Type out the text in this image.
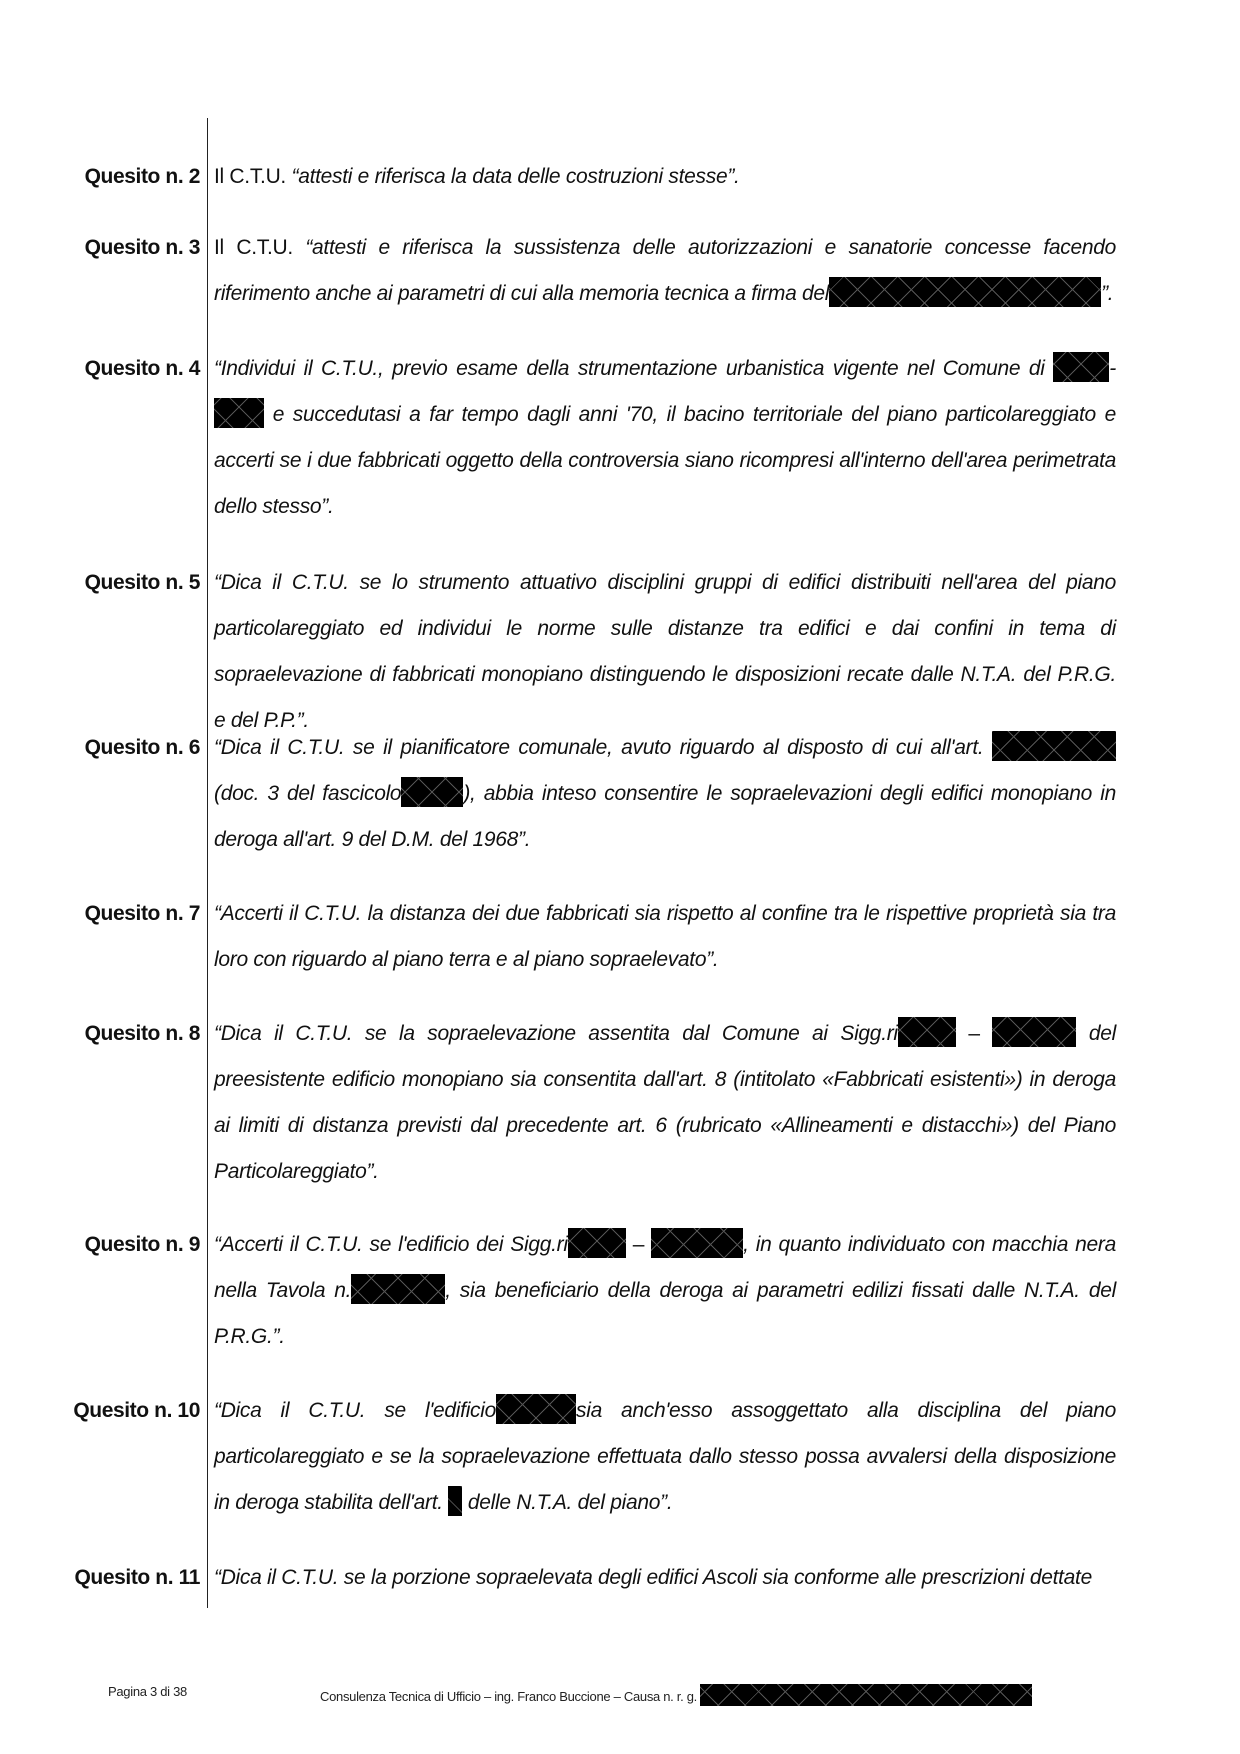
Quesito n. 2 Il C.T.U. “attesti e riferisca la data delle costruzioni stesse”.
Quesito n. 3 Il C.T.U. “attesti e riferisca la sussistenza delle autorizzazioni e sanatorie concesse facendo riferimento anche ai parametri di cui alla memoria tecnica a firma del	”.
Quesito n. 4 “Individui il C.T.U., previo esame della strumentazione urbanistica vigente nel Comune di	-  e succedutasi a far tempo dagli anni '70, il bacino territoriale del piano particolareggiato e accerti se i due fabbricati oggetto della controversia siano ricompresi all'interno dell'area perimetrata dello stesso”.
Quesito n. 5 “Dica il C.T.U. se lo strumento attuativo disciplini gruppi di edifici distribuiti nell'area del piano particolareggiato ed individui le norme sulle distanze tra edifici e dai confini in tema di sopraelevazione di fabbricati monopiano distinguendo le disposizioni recate dalle N.T.A. del P.R.G. e del P.P.”.
Quesito n. 6 “Dica il C.T.U. se il pianificatore comunale, avuto riguardo al disposto di cui all'art.  (doc. 3 del fascicolo	), abbia inteso consentire le sopraelevazioni degli edifici monopiano in deroga all'art. 9 del D.M. del 1968”.
Quesito n. 7 “Accerti il C.T.U. la distanza dei due fabbricati sia rispetto al confine tra le rispettive proprietà sia tra loro con riguardo al piano terra e al piano sopraelevato”.
Quesito n. 8 “Dica il C.T.U. se la sopraelevazione assentita dal Comune ai Sigg.ri	–	del preesistente edificio monopiano sia consentita dall'art. 8 (intitolato «Fabbricati esistenti») in deroga ai limiti di distanza previsti dal precedente art. 6 (rubricato «Allineamenti e distacchi») del Piano Particolareggiato”.
Quesito n. 9 “Accerti il C.T.U. se l'edificio dei Sigg.ri	–	, in quanto individuato con macchia nera nella Tavola n.	, sia beneficiario della deroga ai parametri edilizi fissati dalle N.T.A. del P.R.G.”.
Quesito n. 10 “Dica il C.T.U. se l'edificio	sia anch'esso assoggettato alla disciplina del piano particolareggiato e se la sopraelevazione effettuata dallo stesso possa avvalersi della disposizione in deroga stabilita dell'art. delle N.T.A. del piano”.
Quesito n. 11 “Dica il C.T.U. se la porzione sopraelevata degli edifici Ascoli sia conforme alle prescrizioni dettate
Pagina 3 di 38	Consulenza Tecnica di Ufficio – ing. Franco Buccione – Causa n. r. g.
